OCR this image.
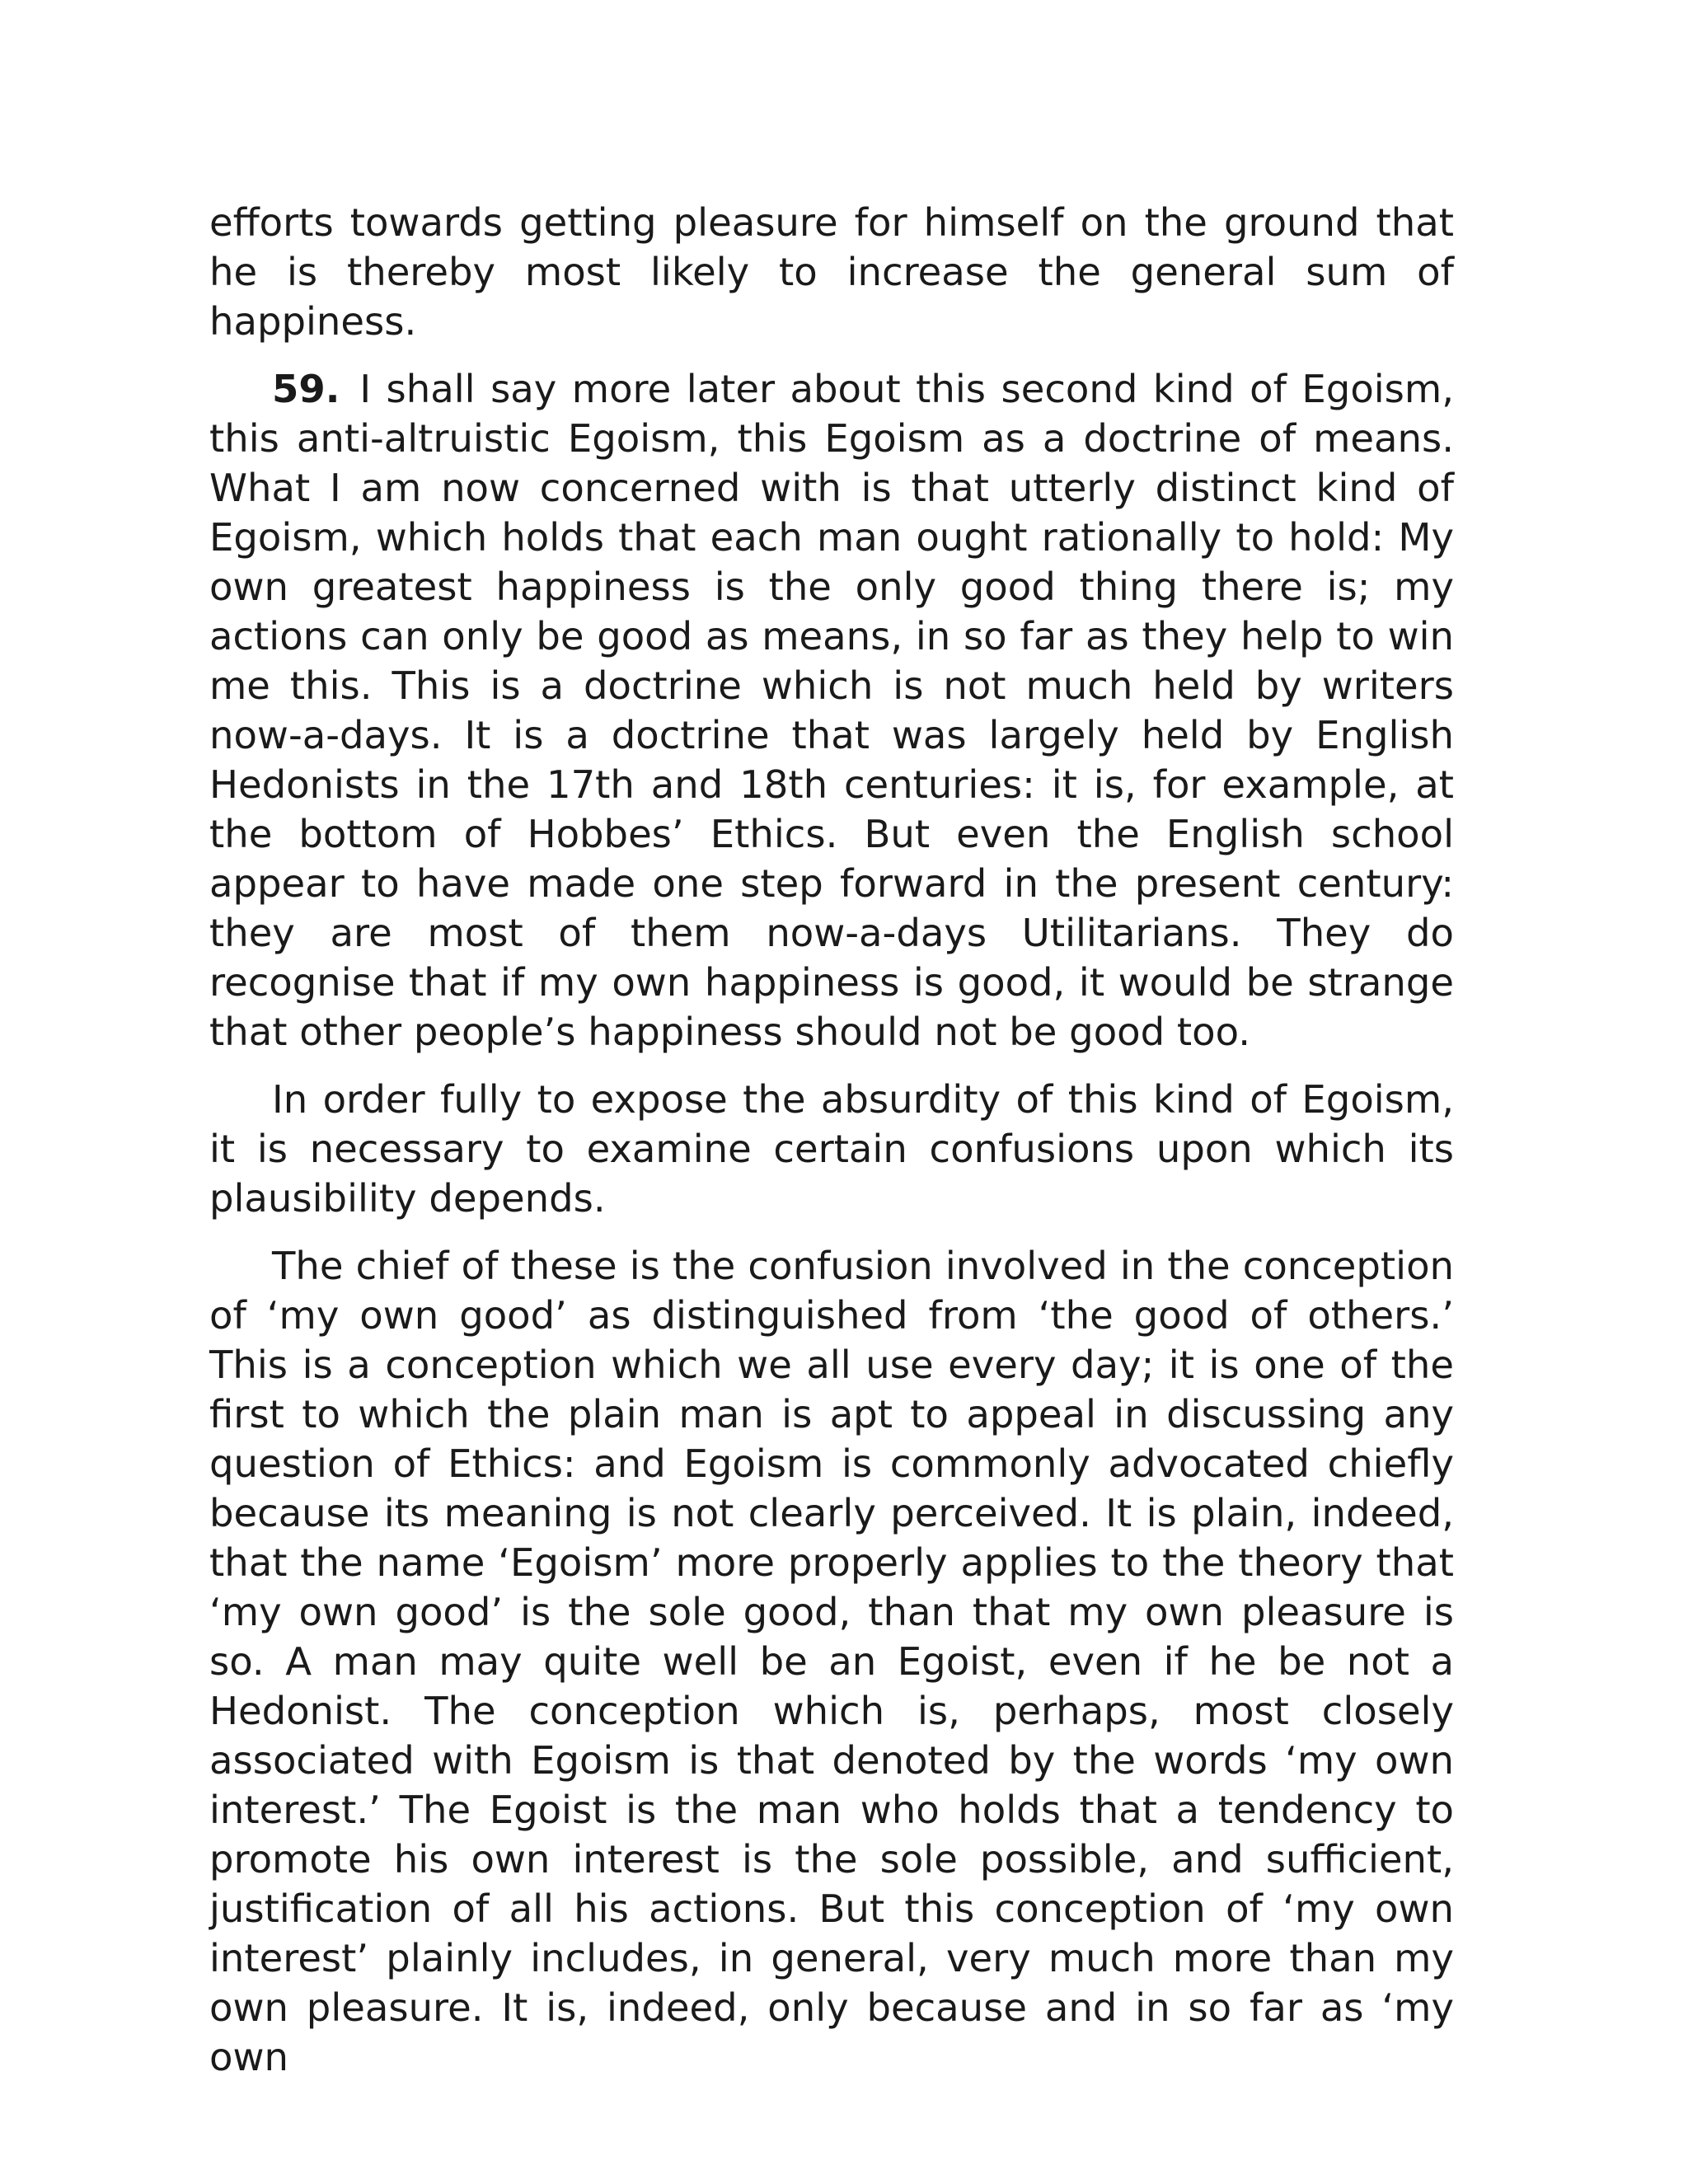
efforts towards getting pleasure for himself on the ground that he is thereby most likely to increase the general sum of happiness.

59. I shall say more later about this second kind of Egoism, this anti-altruistic Egoism, this Egoism as a doctrine of means. What I am now concerned with is that utterly distinct kind of Egoism, which holds that each man ought rationally to hold: My own greatest happiness is the only good thing there is; my actions can only be good as means, in so far as they help to win me this. This is a doctrine which is not much held by writers now-a-days. It is a doctrine that was largely held by English Hedonists in the 17th and 18th centuries: it is, for example, at the bottom of Hobbes’ Ethics. But even the English school appear to have made one step forward in the present century: they are most of them now-a-days Utilitarians. They do recognise that if my own happiness is good, it would be strange that other people’s happiness should not be good too.

In order fully to expose the absurdity of this kind of Egoism, it is necessary to examine certain confusions upon which its plausibility depends.

The chief of these is the confusion involved in the conception of ‘my own good’ as distinguished from ‘the good of others.’ This is a conception which we all use every day; it is one of the first to which the plain man is apt to appeal in discussing any question of Ethics: and Egoism is commonly advocated chiefly because its meaning is not clearly perceived. It is plain, indeed, that the name ‘Egoism’ more properly applies to the theory that ‘my own good’ is the sole good, than that my own pleasure is so. A man may quite well be an Egoist, even if he be not a Hedonist. The conception which is, perhaps, most closely associated with Egoism is that denoted by the words ‘my own interest.’ The Egoist is the man who holds that a tendency to promote his own interest is the sole possible, and sufficient, justification of all his actions. But this conception of ‘my own interest’ plainly includes, in general, very much more than my own pleasure. It is, indeed, only because and in so far as ‘my own
